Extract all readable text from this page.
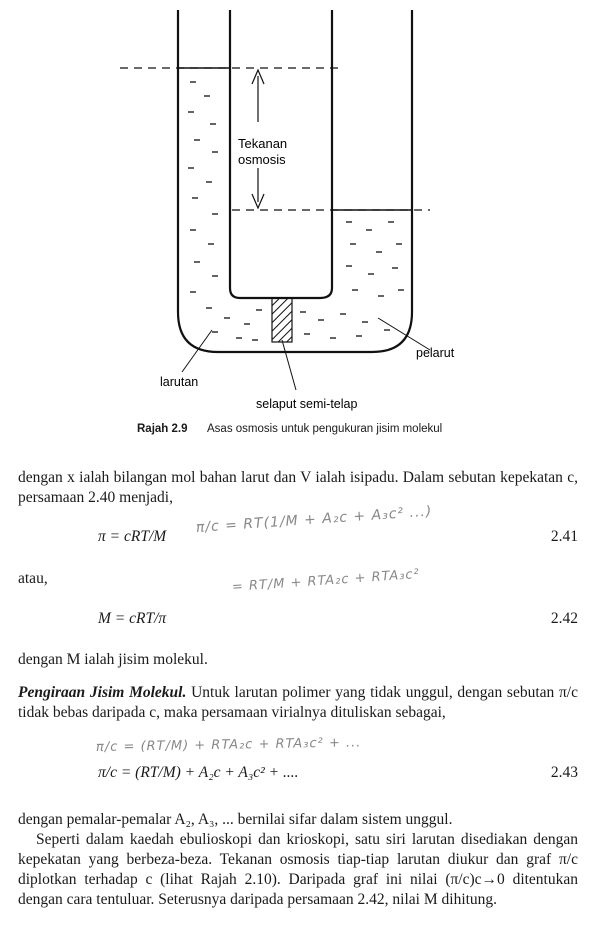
Tekanan
osmosis
pelarut
larutan
selaput semi-telap
Rajah 2.9 Asas osmosis untuk pengukuran jisim molekul

dengan x ialah bilangan mol bahan larut dan V ialah isipadu. Dalam sebutan kepekatan c, persamaan 2.40 menjadi,

π = cRT/M	2.41
atau,
M = cRT/π	2.42

dengan M ialah jisim molekul.

Pengiraan Jisim Molekul. Untuk larutan polimer yang tidak unggul, dengan sebutan π/c tidak bebas daripada c, maka persamaan virialnya dituliskan sebagai,

π/c = (RT/M) + A₂c + A₃c² + ....	2.43

dengan pemalar-pemalar A₂, A₃, ... bernilai sifar dalam sistem unggul.

Seperti dalam kaedah ebulioskopi dan krioskopi, satu siri larutan disediakan dengan kepekatan yang berbeza-beza. Tekanan osmosis tiap-tiap larutan diukur dan graf π/c diplotkan terhadap c (lihat Rajah 2.10). Daripada graf ini nilai (π/c)c→0 ditentukan dengan cara tentuluar. Seterusnya daripada persamaan 2.42, nilai M dihitung.

π/c = RT(1/M + A₂c + A₃c² ...)
= RT/M + RTA₂c + RTA₃c²
π/c = (RT/M) + RTA₂c + RTA₃c² + ...
